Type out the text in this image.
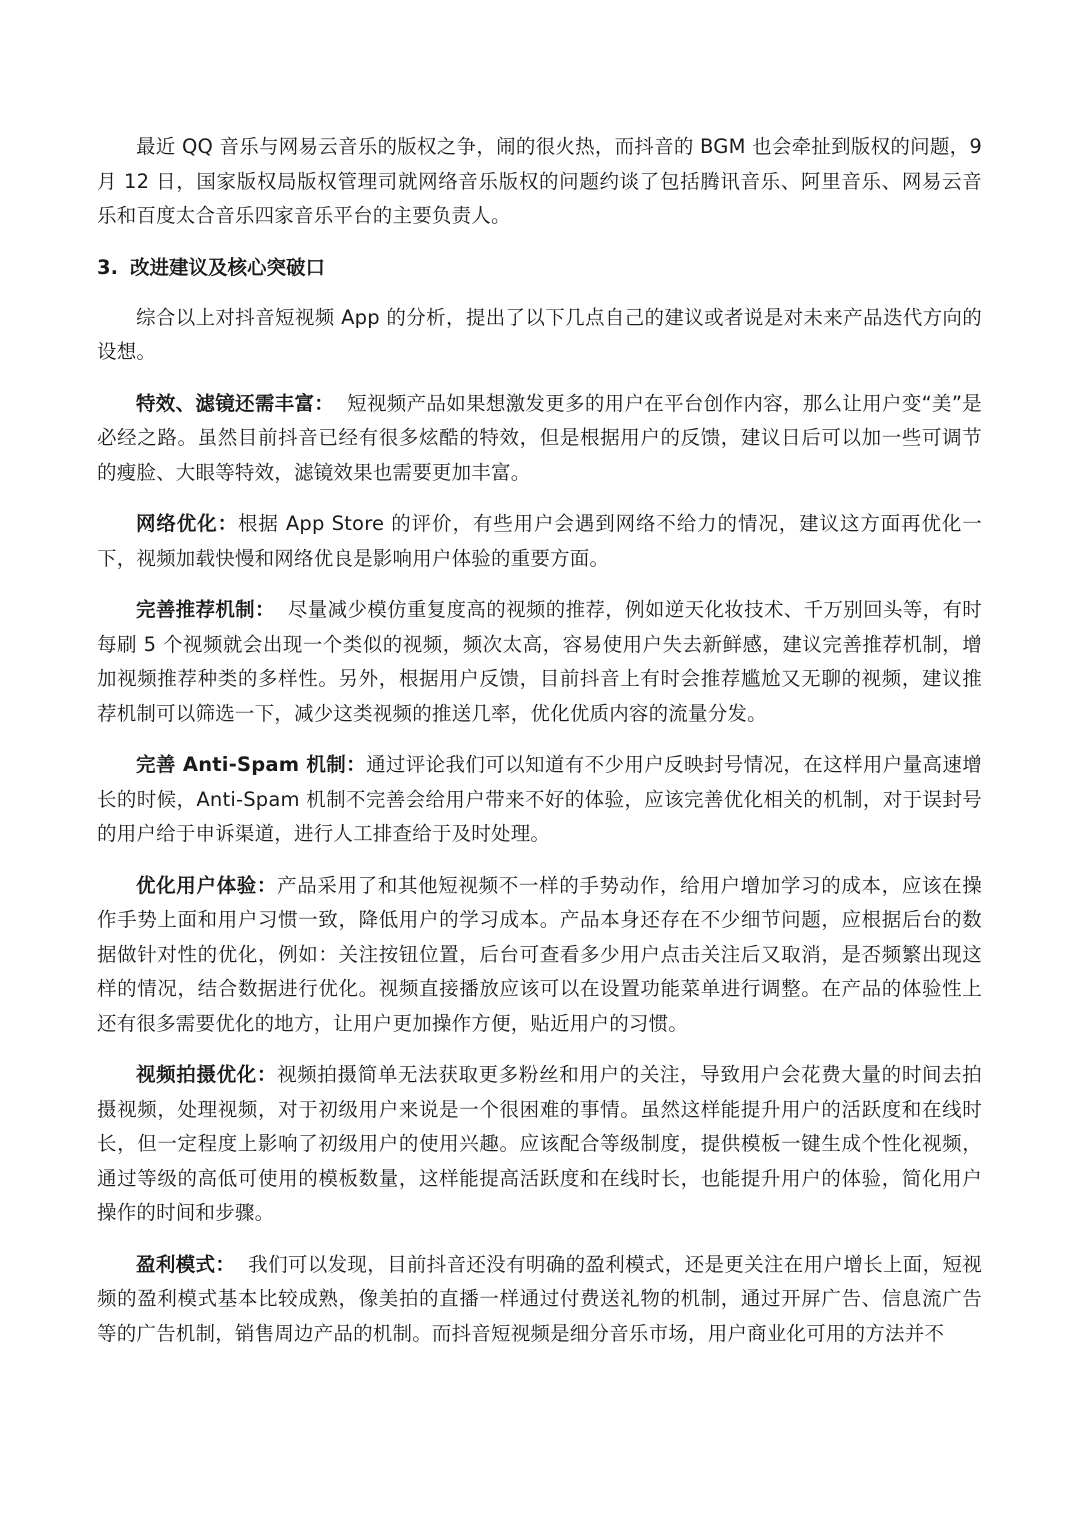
最近 QQ 音乐与网易云音乐的版权之争，闹的很火热，而抖音的 BGM 也会牵扯到版权的问题，9 月 12 日，国家版权局版权管理司就网络音乐版权的问题约谈了包括腾讯音乐、阿里音乐、网易云音乐和百度太合音乐四家音乐平台的主要负责人。

3. 改进建议及核心突破口

综合以上对抖音短视频 App 的分析，提出了以下几点自己的建议或者说是对未来产品迭代方向的设想。

特效、滤镜还需丰富： 短视频产品如果想激发更多的用户在平台创作内容，那么让用户变“美”是必经之路。虽然目前抖音已经有很多炫酷的特效，但是根据用户的反馈，建议日后可以加一些可调节的瘦脸、大眼等特效，滤镜效果也需要更加丰富。

网络优化：根据 App Store 的评价，有些用户会遇到网络不给力的情况，建议这方面再优化一下，视频加载快慢和网络优良是影响用户体验的重要方面。

完善推荐机制： 尽量减少模仿重复度高的视频的推荐，例如逆天化妆技术、千万别回头等，有时每刷 5 个视频就会出现一个类似的视频，频次太高，容易使用户失去新鲜感，建议完善推荐机制，增加视频推荐种类的多样性。另外，根据用户反馈，目前抖音上有时会推荐尴尬又无聊的视频，建议推荐机制可以筛选一下，减少这类视频的推送几率，优化优质内容的流量分发。

完善 Anti-Spam 机制：通过评论我们可以知道有不少用户反映封号情况，在这样用户量高速增长的时候，Anti-Spam 机制不完善会给用户带来不好的体验，应该完善优化相关的机制，对于误封号的用户给于申诉渠道，进行人工排查给于及时处理。

优化用户体验：产品采用了和其他短视频不一样的手势动作，给用户增加学习的成本，应该在操作手势上面和用户习惯一致，降低用户的学习成本。产品本身还存在不少细节问题，应根据后台的数据做针对性的优化，例如：关注按钮位置，后台可查看多少用户点击关注后又取消，是否频繁出现这样的情况，结合数据进行优化。视频直接播放应该可以在设置功能菜单进行调整。在产品的体验性上还有很多需要优化的地方，让用户更加操作方便，贴近用户的习惯。

视频拍摄优化：视频拍摄简单无法获取更多粉丝和用户的关注，导致用户会花费大量的时间去拍摄视频，处理视频，对于初级用户来说是一个很困难的事情。虽然这样能提升用户的活跃度和在线时长，但一定程度上影响了初级用户的使用兴趣。应该配合等级制度，提供模板一键生成个性化视频，通过等级的高低可使用的模板数量，这样能提高活跃度和在线时长，也能提升用户的体验，简化用户操作的时间和步骤。

盈利模式： 我们可以发现，目前抖音还没有明确的盈利模式，还是更关注在用户增长上面，短视频的盈利模式基本比较成熟，像美拍的直播一样通过付费送礼物的机制，通过开屏广告、信息流广告等的广告机制，销售周边产品的机制。而抖音短视频是细分音乐市场，用户商业化可用的方法并不
